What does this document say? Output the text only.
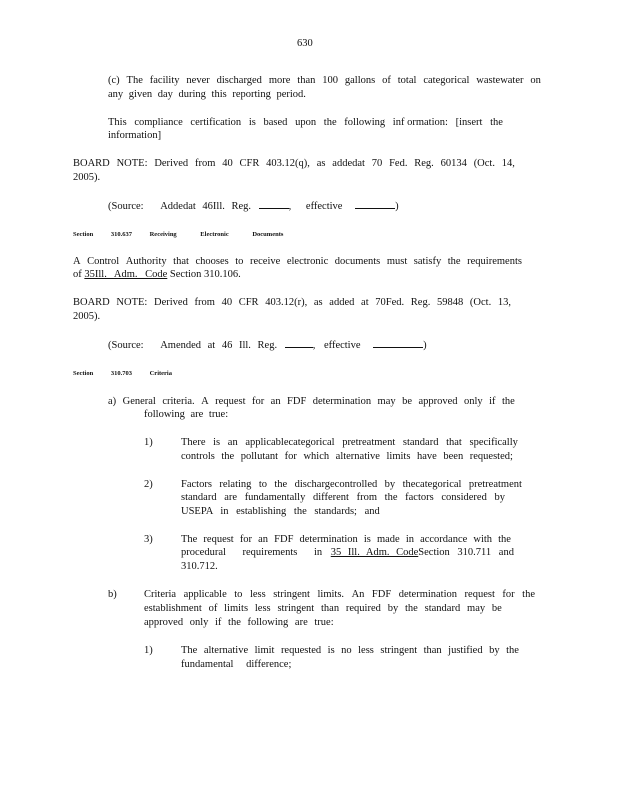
630
(c) The facility never discharged more than 100 gallons of total categorical wastewater on
any given day during this reporting period.
This compliance certification is based upon the following inf ormation: [insert the
information]
BOARD NOTE: Derived from 40 CFR 403.12(q), as addedat 70 Fed. Reg. 60134 (Oct. 14,
2005).
(Source: Addedat 46Ill. Reg.	, effective	)
Section	310.637	Receiving Electronic Documents
A Control Authority that chooses to receive electronic documents must satisfy the requirements
of 35Ill. Adm. Code Section 310.106.
BOARD NOTE: Derived from 40 CFR 403.12(r), as added at 70Fed. Reg. 59848 (Oct. 13,
2005).
(Source: Amended at 46 Ill. Reg.	, effective	)
Section	310.703	Criteria
a) General criteria. A request for an FDF determination may be approved only if the
following are true:
1)	There is an applicablecategorical pretreatment standard that specifically
controls the pollutant for which alternative limits have been requested;
2)	Factors relating to the dischargecontrolled by thecategorical pretreatment
standard are fundamentally different from the factors considered by
USEPA in establishing the standards; and
3)	The request for an FDF determination is made in accordance with the
procedural requirements in 35 Ill. Adm. CodeSection 310.711 and
310.712.
b)	Criteria applicable to less stringent limits. An FDF determination request for the
establishment of limits less stringent than required by the standard may be
approved only if the following are true:
1)	The alternative limit requested is no less stringent than justified by the
fundamental difference;
